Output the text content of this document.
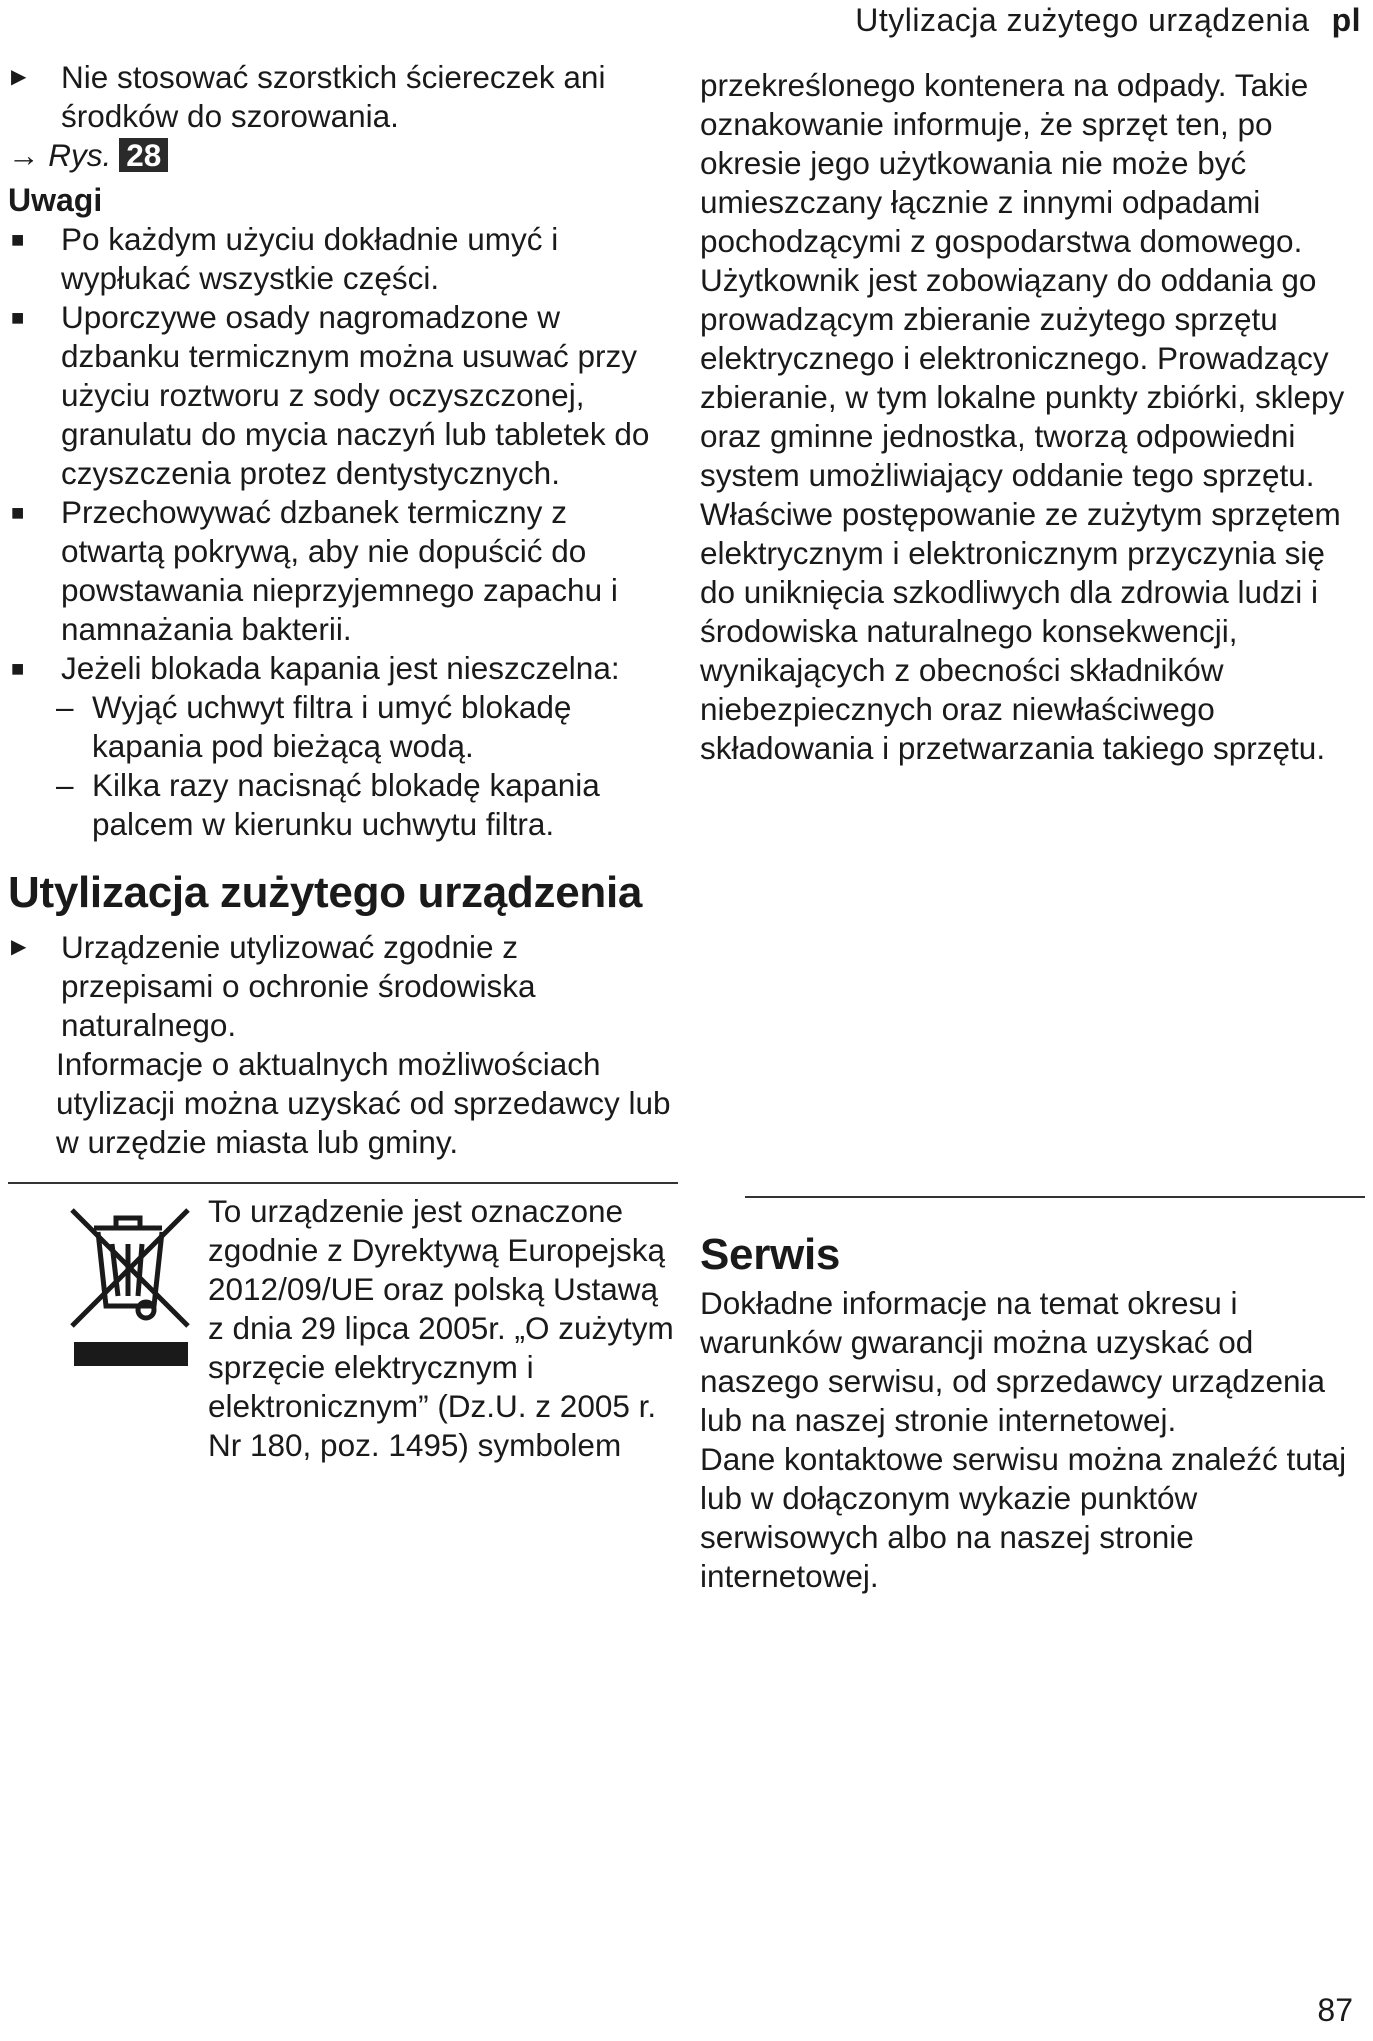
Utylizacja zużytego urządzenia pl
▶	Nie stosować szorstkich ściereczek ani środków do szorowania.

→ Rys. 28

Uwagi

■	Po każdym użyciu dokładnie umyć i wypłukać wszystkie części.

■	Uporczywe osady nagromadzone w dzbanku termicznym można usuwać przy użyciu roztworu z sody oczyszczonej, granulatu do mycia naczyń lub tabletek do czyszczenia protez dentystycznych.

■	Przechowywać dzbanek termiczny z otwartą pokrywą, aby nie dopuścić do powstawania nieprzyjemnego zapachu i namnażania bakterii.

■	Jeżeli blokada kapania jest nieszczelna:

– Wyjąć uchwyt filtra i umyć blokadę kapania pod bieżącą wodą.

– Kilka razy nacisnąć blokadę kapania palcem w kierunku uchwytu filtra.

Utylizacja zużytego urządzenia

▶	Urządzenie utylizować zgodnie z przepisami o ochronie środowiska naturalnego.

Informacje o aktualnych możliwościach utylizacji można uzyskać od sprzedawcy lub w urzędzie miasta lub gminy.

To urządzenie jest oznaczone zgodnie z Dyrektywą Europejską 2012/09/UE oraz polską Ustawą z dnia 29 lipca 2005r. „O zużytym sprzęcie elektrycznym i elektronicznym” (Dz.U. z 2005 r. Nr 180, poz. 1495) symbolem

przekreślonego kontenera na odpady. Takie oznakowanie informuje, że sprzęt ten, po okresie jego użytkowania nie może być umieszczany łącznie z innymi odpadami pochodzącymi z gospodarstwa domowego. Użytkownik jest zobowiązany do oddania go prowadzącym zbieranie zużytego sprzętu elektrycznego i elektronicznego. Prowadzący zbieranie, w tym lokalne punkty zbiórki, sklepy oraz gminne jednostka, tworzą odpowiedni system umożliwiający oddanie tego sprzętu. Właściwe postępowanie ze zużytym sprzętem elektrycznym i elektronicznym przyczynia się do uniknięcia szkodliwych dla zdrowia ludzi i środowiska naturalnego konsekwencji, wynikających z obecności składników niebezpiecznych oraz niewłaściwego składowania i przetwarzania takiego sprzętu.

Serwis

Dokładne informacje na temat okresu i warunków gwarancji można uzyskać od naszego serwisu, od sprzedawcy urządzenia lub na naszej stronie internetowej.

Dane kontaktowe serwisu można znaleźć tutaj lub w dołączonym wykazie punktów serwisowych albo na naszej stronie internetowej.

87
